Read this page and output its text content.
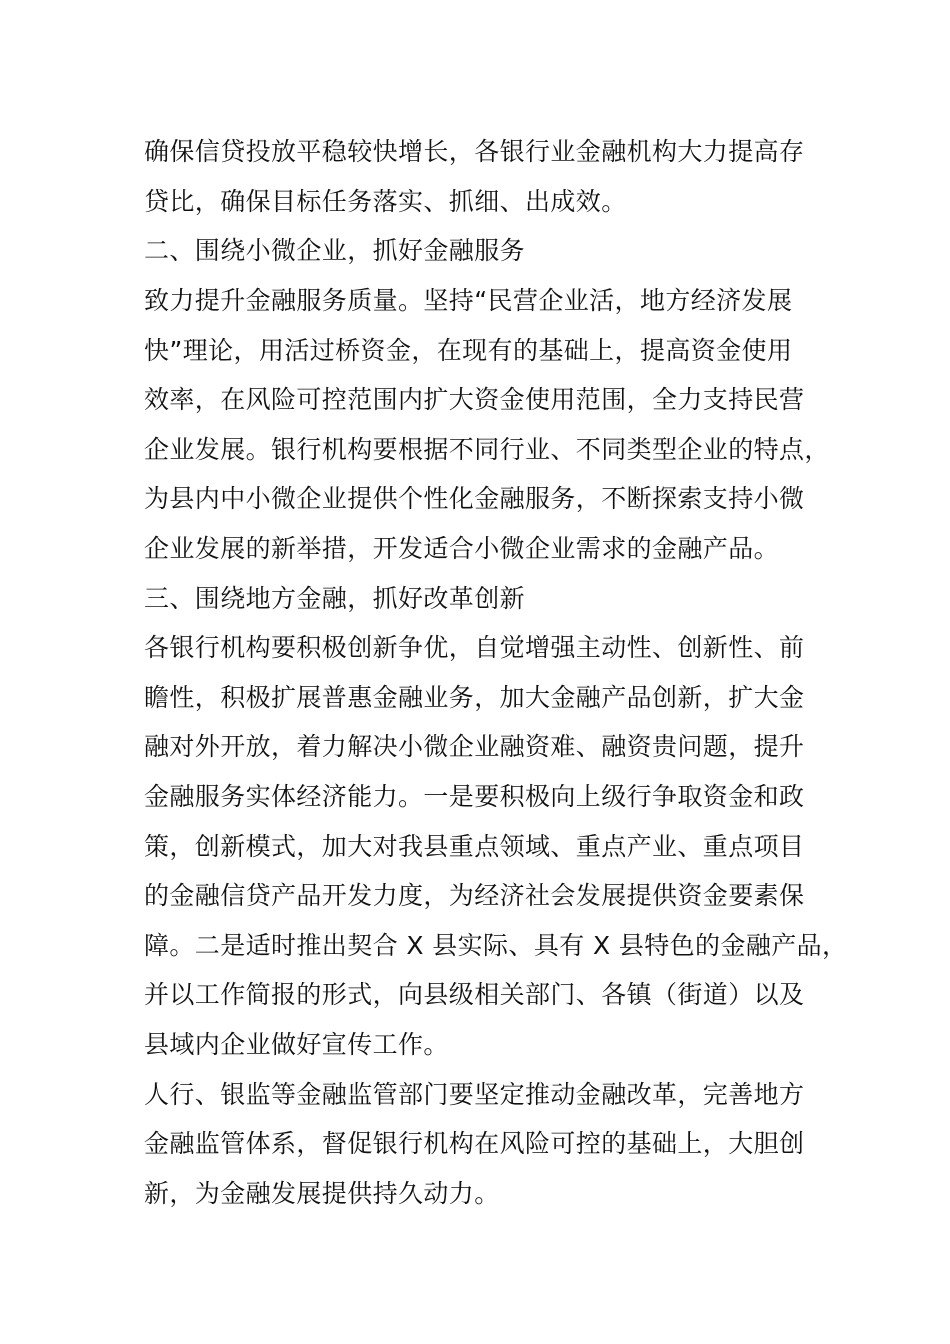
确保信贷投放平稳较快增长，各银行业金融机构大力提高存

贷比，确保目标任务落实、抓细、出成效。

二、围绕小微企业，抓好金融服务

致力提升金融服务质量。坚持“民营企业活，地方经济发展

快”理论，用活过桥资金，在现有的基础上，提高资金使用

效率，在风险可控范围内扩大资金使用范围，全力支持民营

企业发展。银行机构要根据不同行业、不同类型企业的特点，

为县内中小微企业提供个性化金融服务，不断探索支持小微

企业发展的新举措，开发适合小微企业需求的金融产品。

三、围绕地方金融，抓好改革创新

各银行机构要积极创新争优，自觉增强主动性、创新性、前

瞻性，积极扩展普惠金融业务，加大金融产品创新，扩大金

融对外开放，着力解决小微企业融资难、融资贵问题，提升

金融服务实体经济能力。一是要积极向上级行争取资金和政

策，创新模式，加大对我县重点领域、重点产业、重点项目

的金融信贷产品开发力度，为经济社会发展提供资金要素保

障。二是适时推出契合 X 县实际、具有 X 县特色的金融产品，

并以工作简报的形式，向县级相关部门、各镇（街道）以及

县域内企业做好宣传工作。

人行、银监等金融监管部门要坚定推动金融改革，完善地方

金融监管体系，督促银行机构在风险可控的基础上，大胆创

新，为金融发展提供持久动力。
